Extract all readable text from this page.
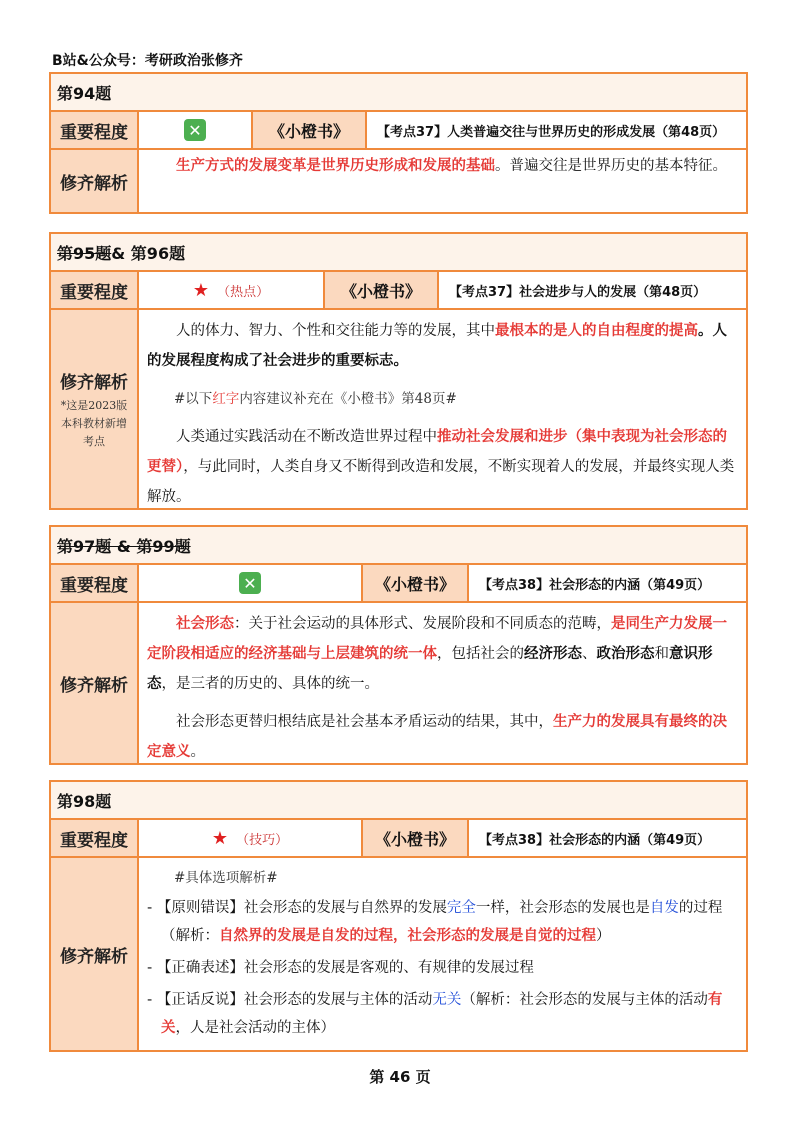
B站&公众号：考研政治张修齐
第94题
重要程度	✕	《小橙书》	【考点37】人类普遍交往与世界历史的形成发展（第48页）
修齐解析

生产方式的发展变革是世界历史形成和发展的基础。普遍交往是世界历史的基本特征。

第95题 & 第96题
重要程度	★ （热点）	《小橙书》	【考点37】社会进步与人的发展（第48页）
修齐解析
*这是2023版本科教材新增考点

人的体力、智力、个性和交往能力等的发展，其中最根本的是人的自由程度的提高。人的发展程度构成了社会进步的重要标志。

#以下红字内容建议补充在《小橙书》第48页#

人类通过实践活动在不断改造世界过程中推动社会发展和进步（集中表现为社会形态的更替），与此同时，人类自身又不断得到改造和发展，不断实现着人的发展，并最终实现人类解放。

第97题 & 第99题
重要程度	✕	《小橙书》	【考点38】社会形态的内涵（第49页）
修齐解析

社会形态：关于社会运动的具体形式、发展阶段和不同质态的范畴，是同生产力发展一定阶段相适应的经济基础与上层建筑的统一体，包括社会的经济形态、政治形态和意识形态，是三者的历史的、具体的统一。

社会形态更替归根结底是社会基本矛盾运动的结果，其中，生产力的发展具有最终的决定意义。

第98题
重要程度	★ （技巧）	《小橙书》	【考点38】社会形态的内涵（第49页）
修齐解析

#具体选项解析#

- 【原则错误】社会形态的发展与自然界的发展完全一样，社会形态的发展也是自发的过程（解析：自然界的发展是自发的过程，社会形态的发展是自觉的过程）

- 【正确表述】社会形态的发展是客观的、有规律的发展过程

- 【正话反说】社会形态的发展与主体的活动无关（解析：社会形态的发展与主体的活动有关，人是社会活动的主体）

第 46 页
